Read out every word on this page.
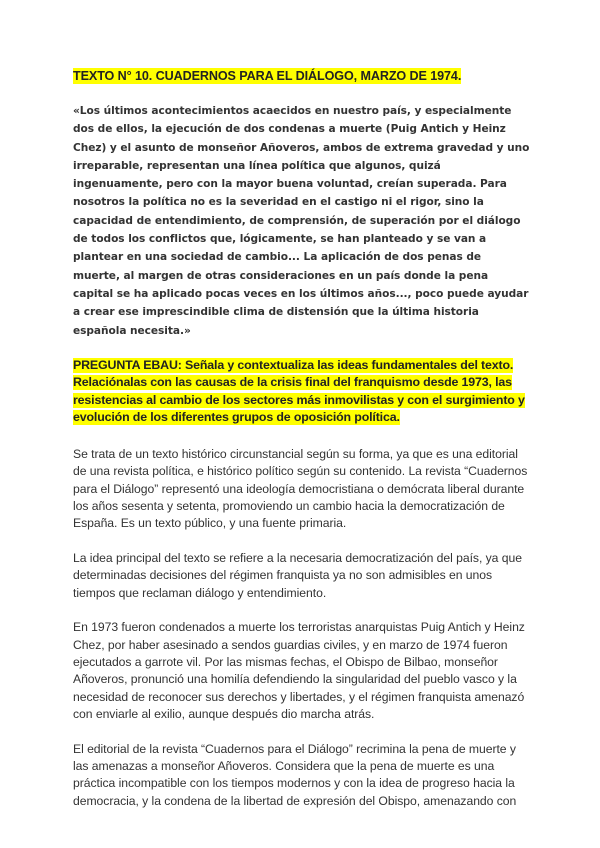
TEXTO N° 10. CUADERNOS PARA EL DIÁLOGO, MARZO DE 1974.

«Los últimos acontecimientos acaecidos en nuestro país, y especialmente dos de ellos, la ejecución de dos condenas a muerte (Puig Antich y Heinz Chez) y el asunto de monseñor Añoveros, ambos de extrema gravedad y uno irreparable, representan una línea política que algunos, quizá ingenuamente, pero con la mayor buena voluntad, creían superada. Para nosotros la política no es la severidad en el castigo ni el rigor, sino la capacidad de entendimiento, de comprensión, de superación por el diálogo de todos los conflictos que, lógicamente, se han planteado y se van a plantear en una sociedad de cambio... La aplicación de dos penas de muerte, al margen de otras consideraciones en un país donde la pena capital se ha aplicado pocas veces en los últimos años..., poco puede ayudar a crear ese imprescindible clima de distensión que la última historia española necesita.»

PREGUNTA EBAU: Señala y contextualiza las ideas fundamentales del texto. Relaciónalas con las causas de la crisis final del franquismo desde 1973, las resistencias al cambio de los sectores más inmovilistas y con el surgimiento y evolución de los diferentes grupos de oposición política.

Se trata de un texto histórico circunstancial según su forma, ya que es una editorial de una revista política, e histórico político según su contenido. La revista “Cuadernos para el Diálogo” representó una ideología democristiana o demócrata liberal durante los años sesenta y setenta, promoviendo un cambio hacia la democratización de España. Es un texto público, y una fuente primaria.

La idea principal del texto se refiere a la necesaria democratización del país, ya que determinadas decisiones del régimen franquista ya no son admisibles en unos tiempos que reclaman diálogo y entendimiento.

En 1973 fueron condenados a muerte los terroristas anarquistas Puig Antich y Heinz Chez, por haber asesinado a sendos guardias civiles, y en marzo de 1974 fueron ejecutados a garrote vil. Por las mismas fechas, el Obispo de Bilbao, monseñor Añoveros, pronunció una homilía defendiendo la singularidad del pueblo vasco y la necesidad de reconocer sus derechos y libertades, y el régimen franquista amenazó con enviarle al exilio, aunque después dio marcha atrás.

El editorial de la revista “Cuadernos para el Diálogo” recrimina la pena de muerte y las amenazas a monseñor Añoveros. Considera que la pena de muerte es una práctica incompatible con los tiempos modernos y con la idea de progreso hacia la democracia, y la condena de la libertad de expresión del Obispo, amenazando con
